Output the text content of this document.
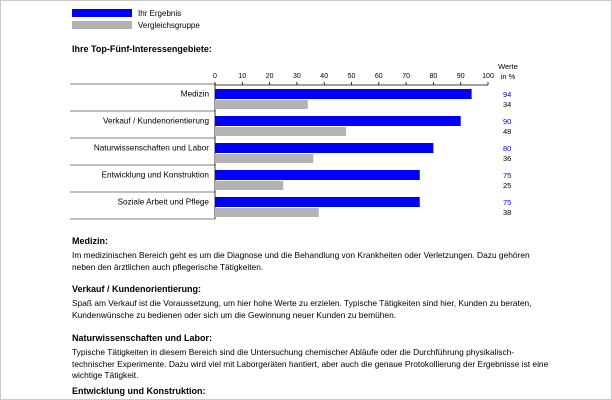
Ihr Ergebnis
Vergleichsgruppe
Ihre Top-Fünf-Interessengebiete:
0	10	20	30	40	50	60	70	80	90	100
Werte
in %
Medizin	94
34
Verkauf / Kundenorientierung	90
48
Naturwissenschaften und Labor	80
36
Entwicklung und Konstruktion	75
25
Soziale Arbeit und Pflege	75
38
Medizin:
Im medizinischen Bereich geht es um die Diagnose und die Behandlung von Krankheiten oder Verletzungen. Dazu gehören neben den ärztlichen auch pflegerische Tätigkeiten.
Verkauf / Kundenorientierung:
Spaß am Verkauf ist die Voraussetzung, um hier hohe Werte zu erzielen. Typische Tätigkeiten sind hier, Kunden zu beraten, Kundenwünsche zu bedienen oder sich um die Gewinnung neuer Kunden zu bemühen.
Naturwissenschaften und Labor:
Typische Tätigkeiten in diesem Bereich sind die Untersuchung chemischer Abläufe oder die Durchführung physikalisch-technischer Experimente. Dazu wird viel mit Laborgeräten hantiert, aber auch die genaue Protokollierung der Ergebnisse ist eine wichtige Tätigkeit.
Entwicklung und Konstruktion:
